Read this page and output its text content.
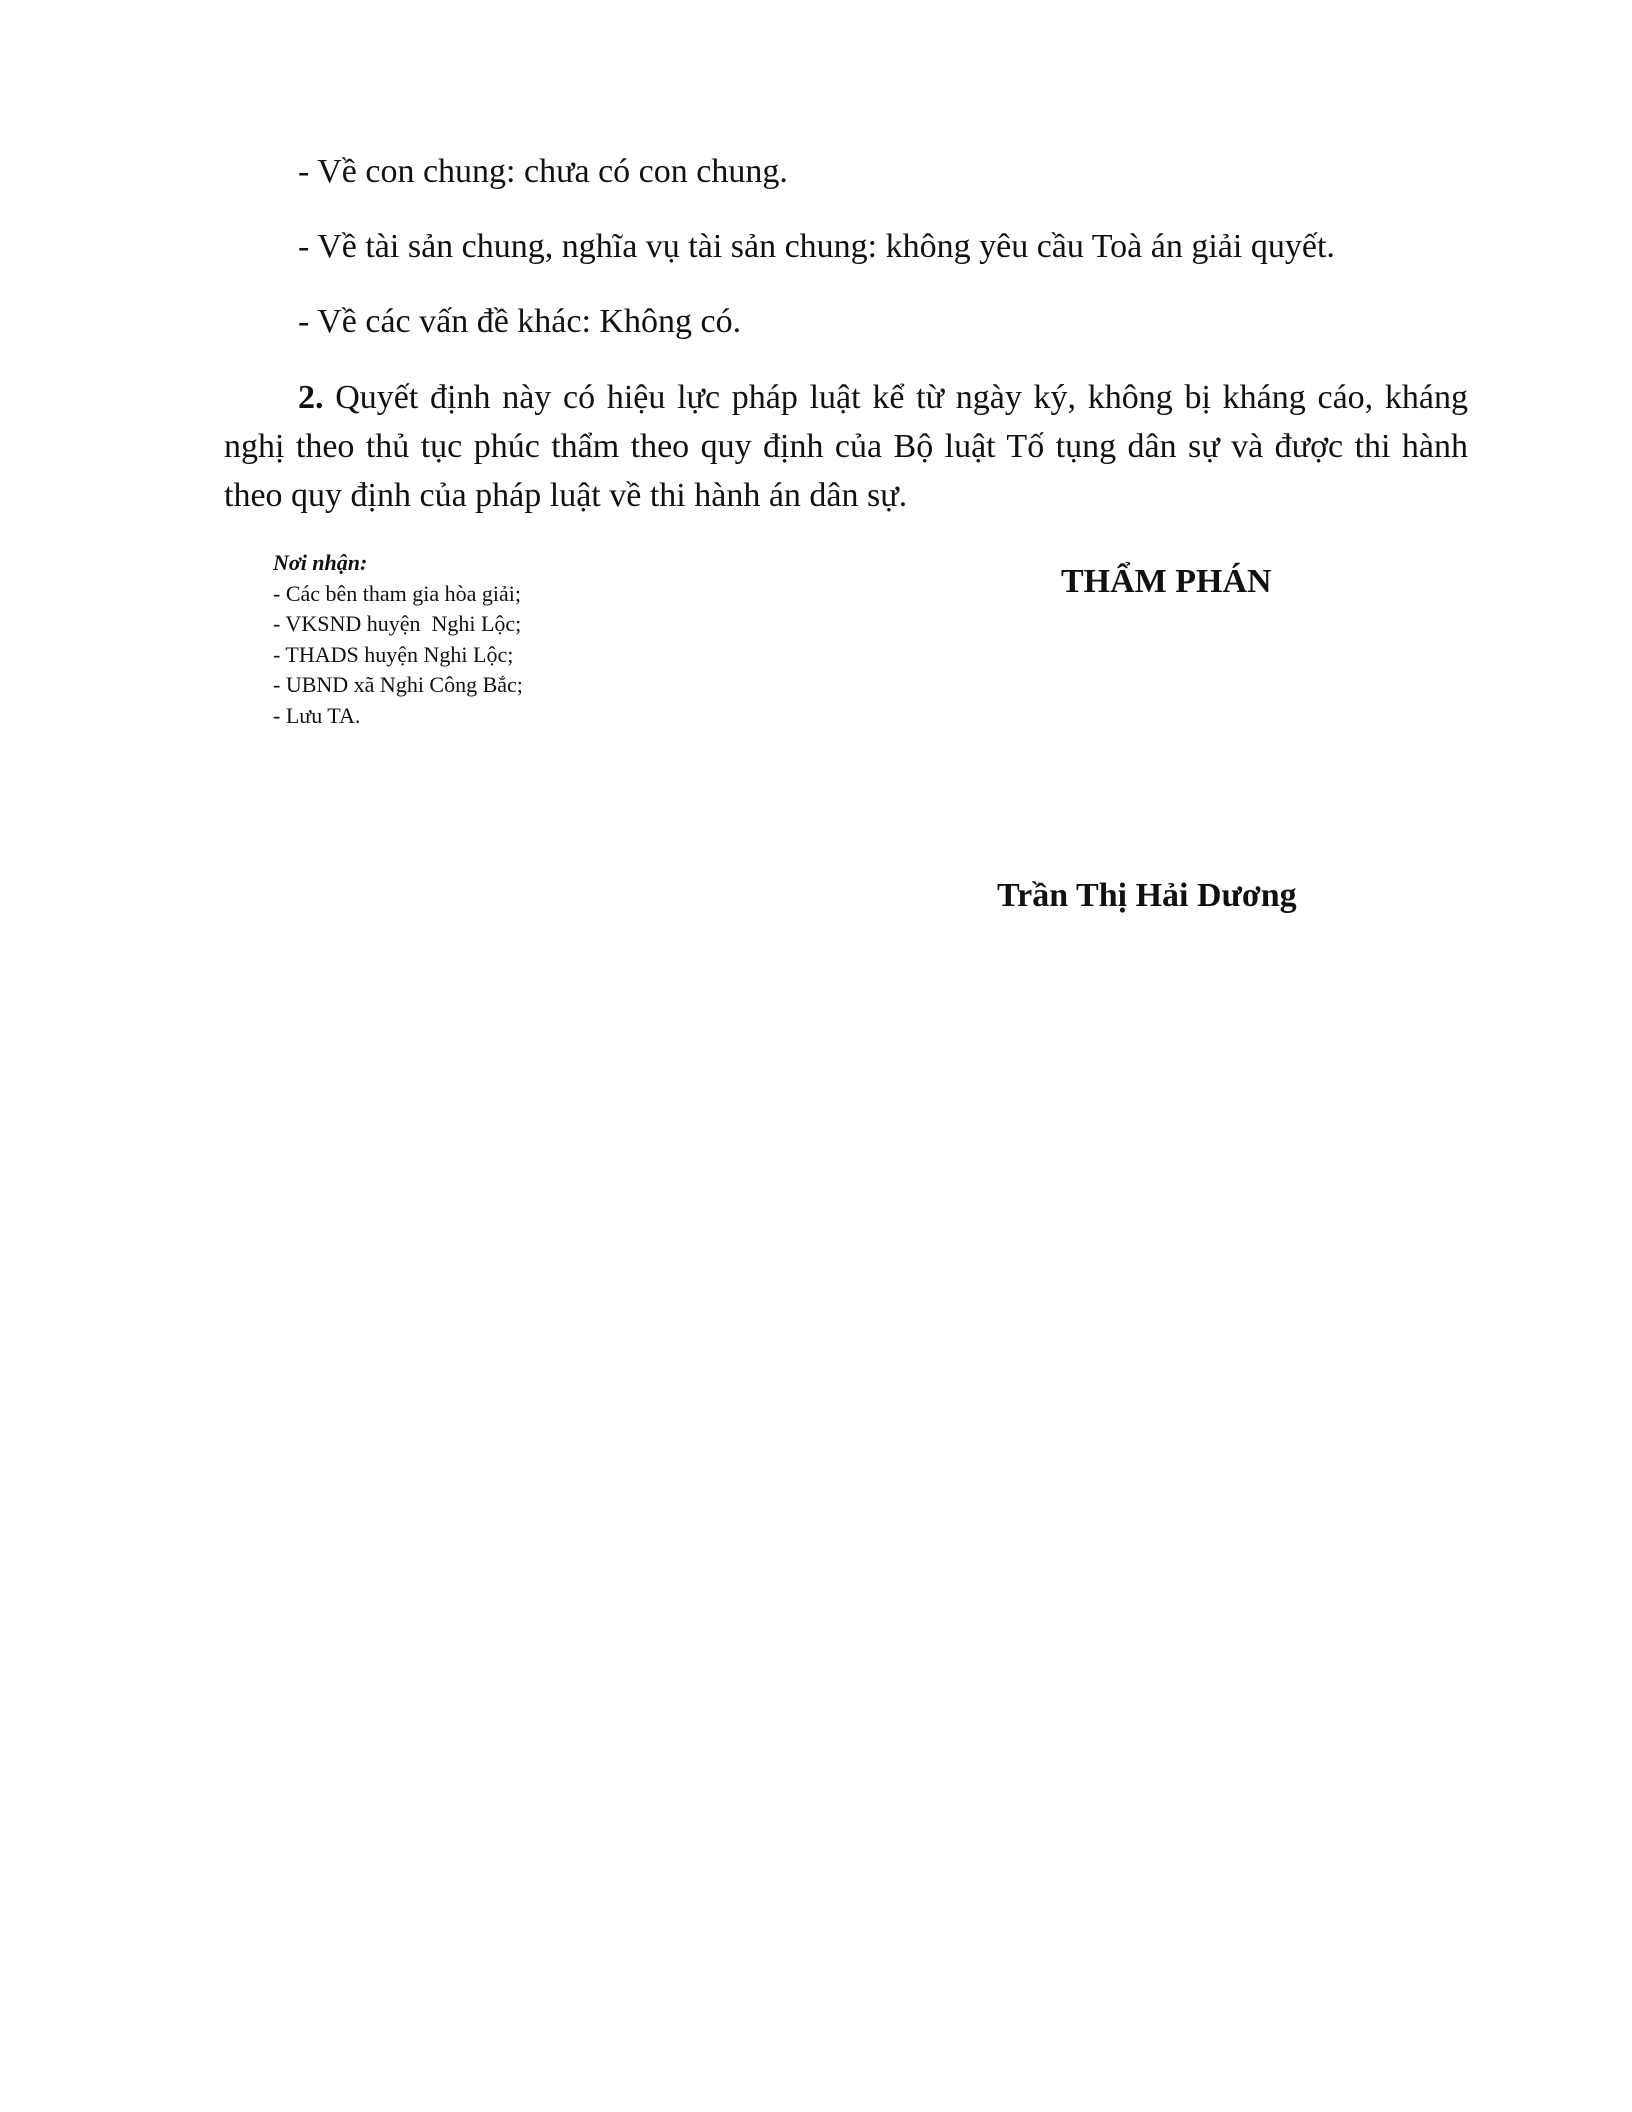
- Về con chung: chưa có con chung.
- Về tài sản chung, nghĩa vụ tài sản chung: không yêu cầu Toà án giải quyết.
- Về các vấn đề khác: Không có.
2. Quyết định này có hiệu lực pháp luật kể từ ngày ký, không bị kháng cáo, kháng nghị theo thủ tục phúc thẩm theo quy định của Bộ luật Tố tụng dân sự và được thi hành theo quy định của pháp luật về thi hành án dân sự.
Nơi nhận:
- Các bên tham gia hòa giải;
- VKSND huyện  Nghi Lộc;
- THADS huyện Nghi Lộc;
- UBND xã Nghi Công Bắc;
- Lưu TA.
THẨM PHÁN
Trần Thị Hải Dương
